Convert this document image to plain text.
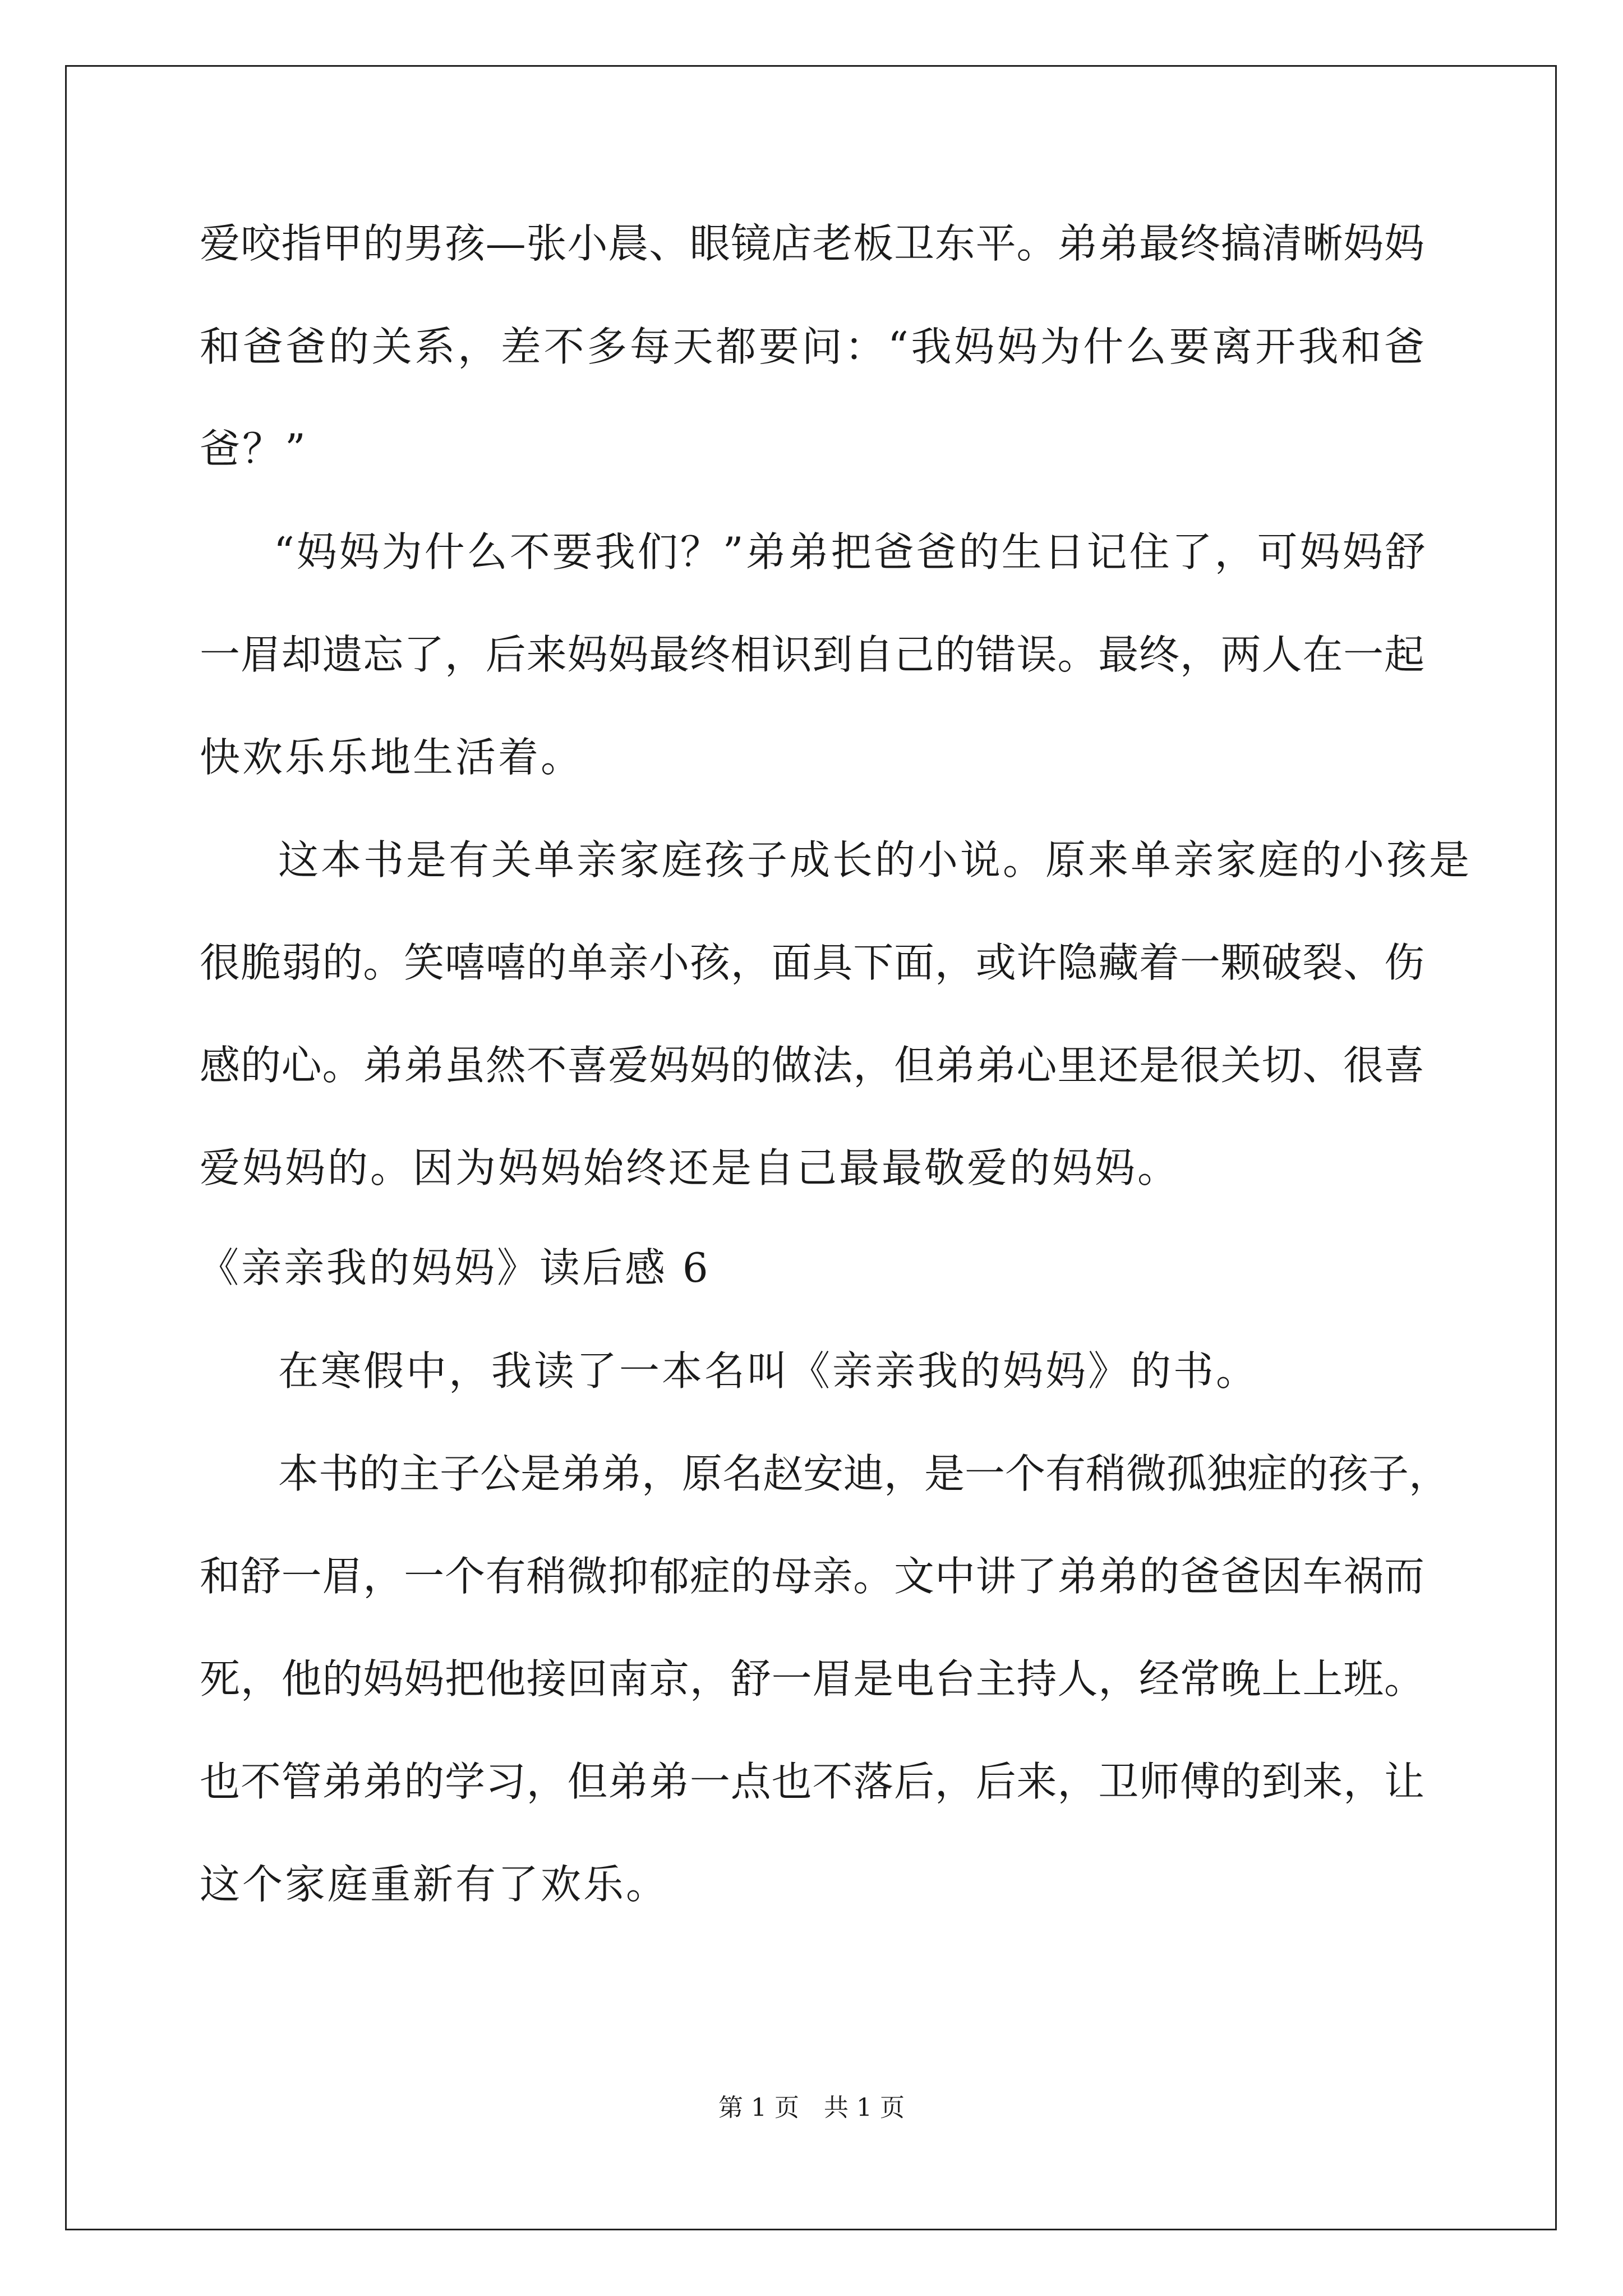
爱咬指甲的男孩—张小晨、眼镜店老板卫东平。弟弟最终搞清晰妈妈
和爸爸的关系，差不多每天都要问：“我妈妈为什么要离开我和爸
爸？”
“妈妈为什么不要我们？”弟弟把爸爸的生日记住了，可妈妈舒
一眉却遗忘了，后来妈妈最终相识到自己的错误。最终，两人在一起
快欢乐乐地生活着。
这本书是有关单亲家庭孩子成长的小说。原来单亲家庭的小孩是
很脆弱的。笑嘻嘻的单亲小孩，面具下面，或许隐藏着一颗破裂、伤
感的心。弟弟虽然不喜爱妈妈的做法，但弟弟心里还是很关切、很喜
爱妈妈的。因为妈妈始终还是自己最最敬爱的妈妈。
《亲亲我的妈妈》读后感 6
在寒假中，我读了一本名叫《亲亲我的妈妈》的书。
本书的主子公是弟弟，原名赵安迪，是一个有稍微孤独症的孩子，
和舒一眉，一个有稍微抑郁症的母亲。文中讲了弟弟的爸爸因车祸而
死，他的妈妈把他接回南京，舒一眉是电台主持人，经常晚上上班。
也不管弟弟的学习，但弟弟一点也不落后，后来，卫师傅的到来，让
这个家庭重新有了欢乐。
第 1 页 共 1 页
